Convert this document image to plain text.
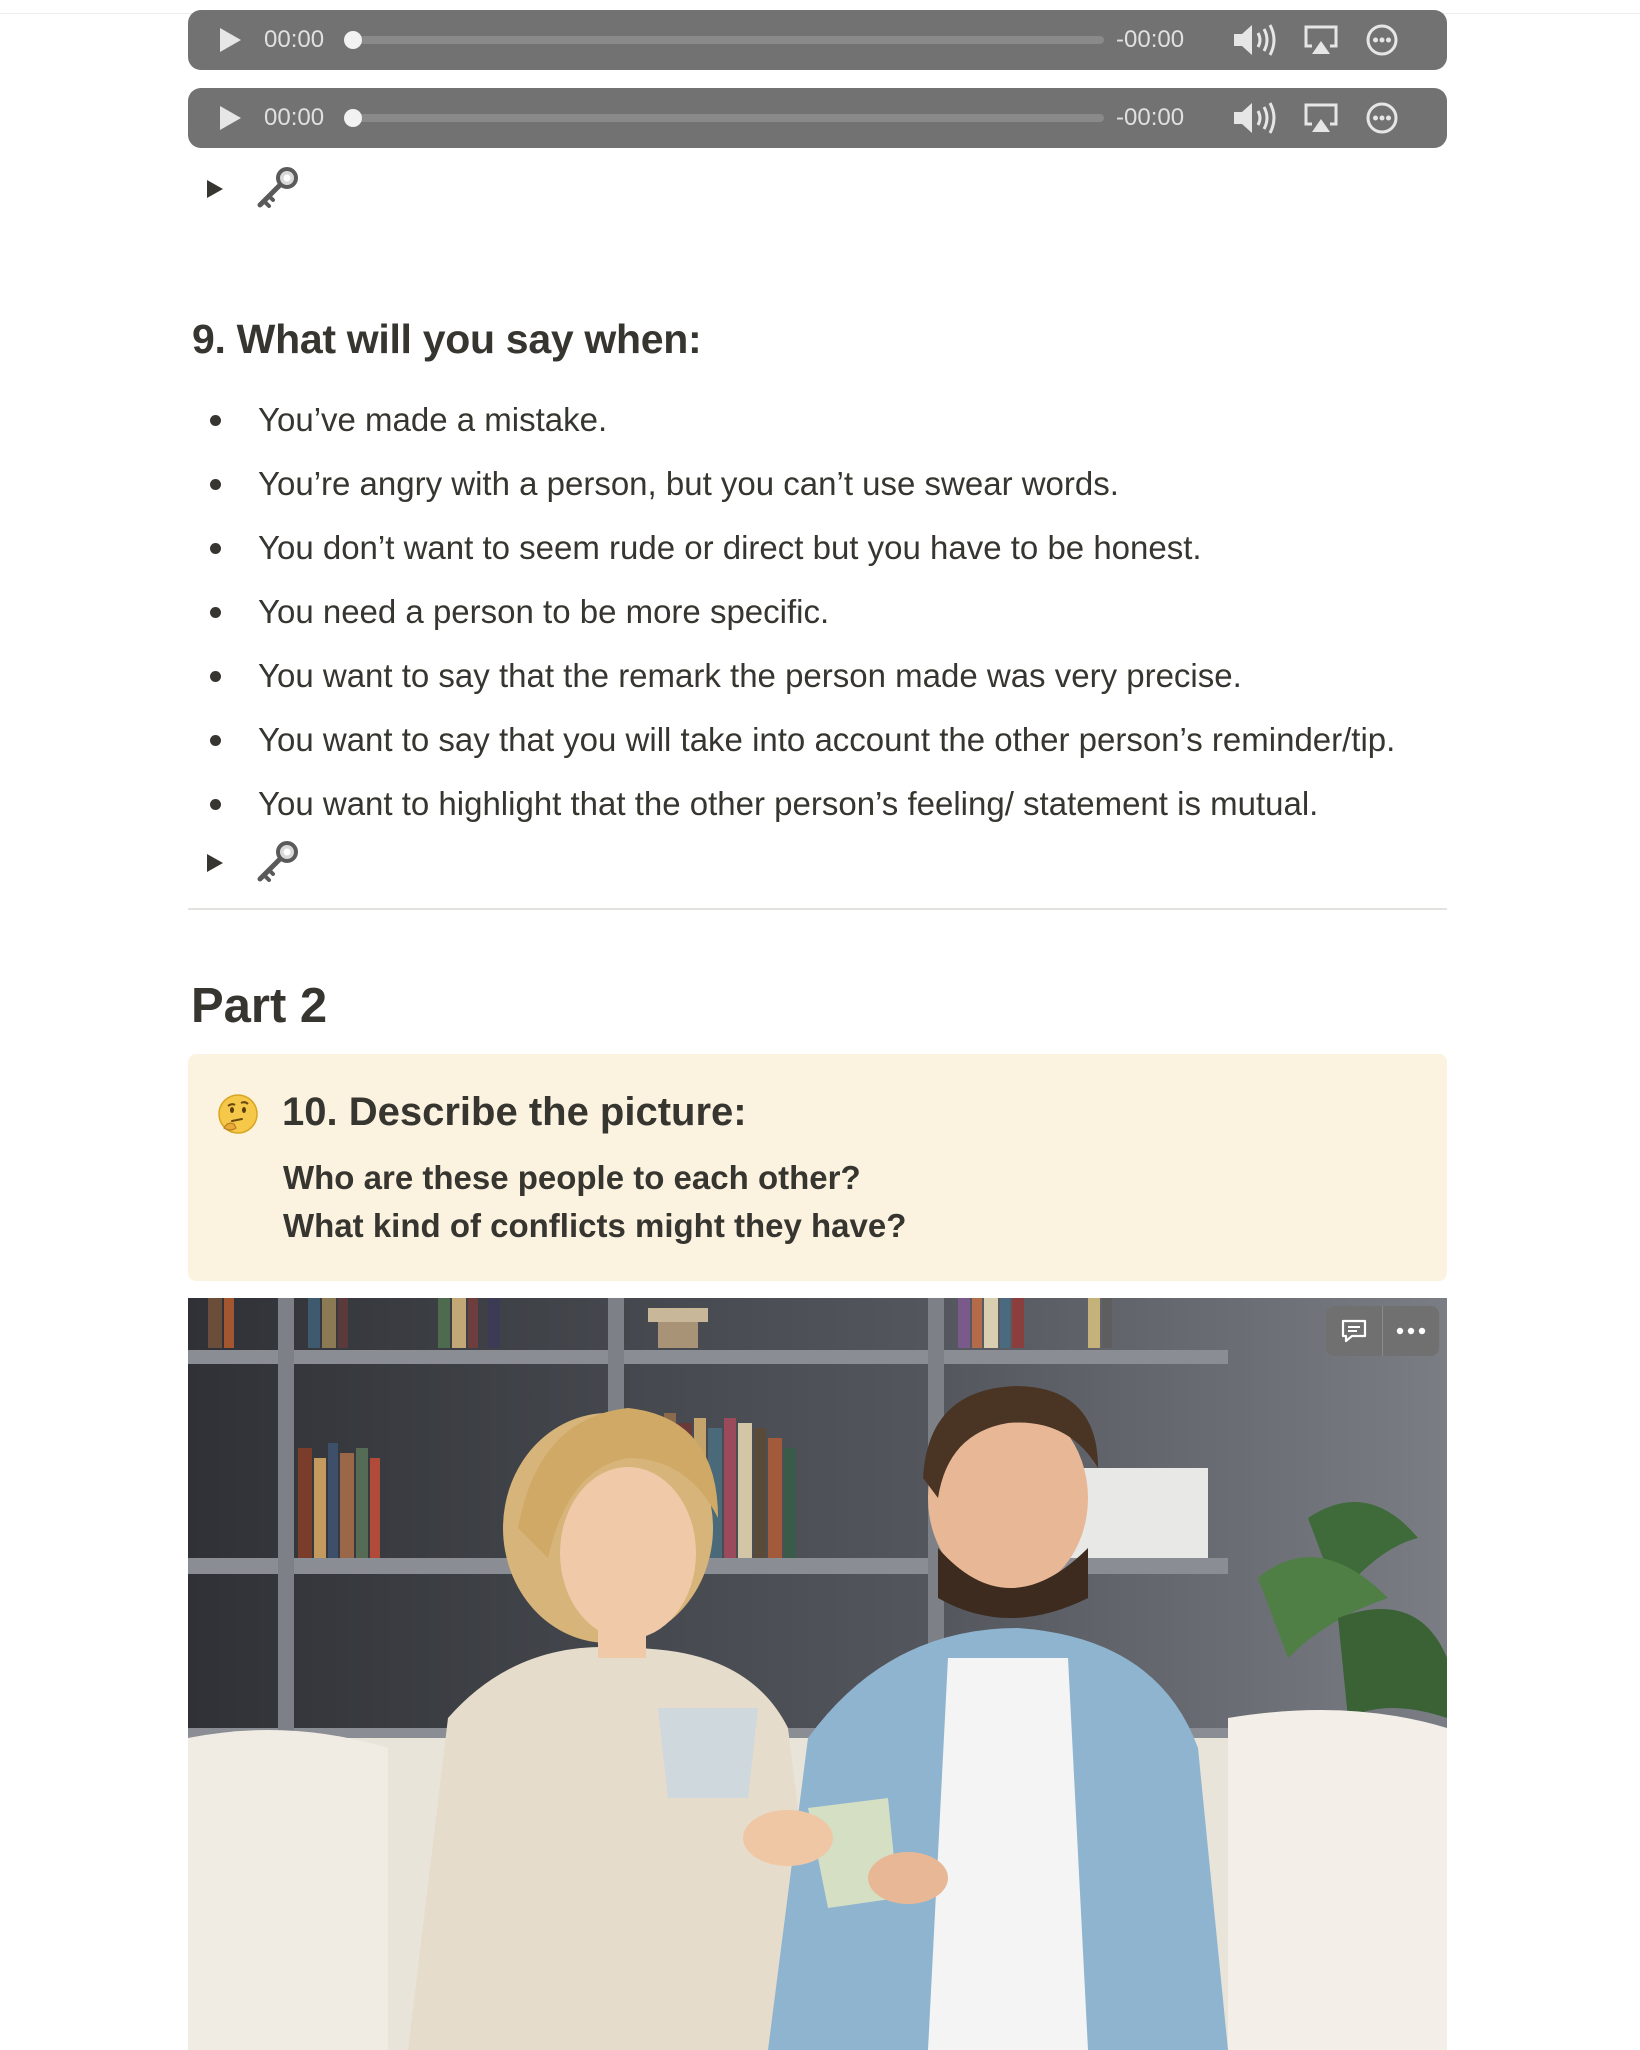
00:00	-00:00
00:00	-00:00
9. What will you say when:
You’ve made a mistake.
You’re angry with a person, but you can’t use swear words.
You don’t want to seem rude or direct but you have to be honest.
You need a person to be more specific.
You want to say that the remark the person made was very precise.
You want to say that you will take into account the other person’s reminder/tip.
You want to highlight that the other person’s feeling/ statement is mutual.
Part 2
10. Describe the picture:
Who are these people to each other?
What kind of conflicts might they have?
